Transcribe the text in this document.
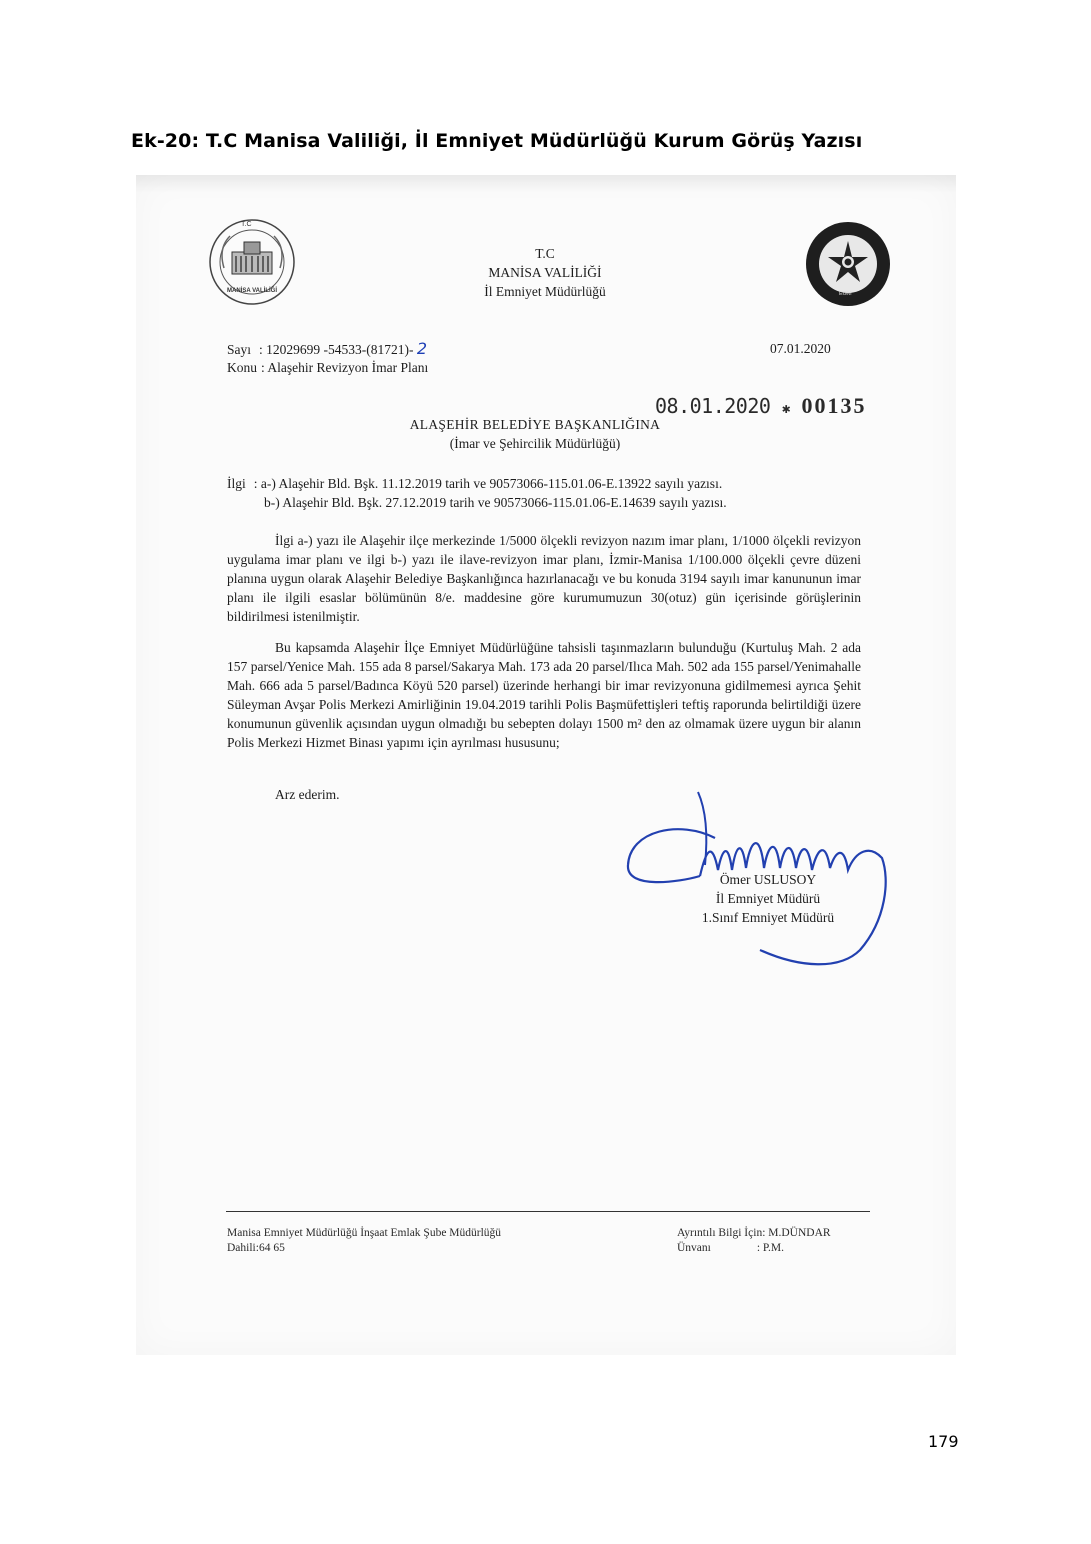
Ek-20: T.C Manisa Valiliği, İl Emniyet Müdürlüğü Kurum Görüş Yazısı
T.C
MANİSA VALİLİĞİ	EGM
T.C
MANİSA VALİLİĞİ
İl Emniyet Müdürlüğü
Sayı : 12029699 -54533-(81721)- 2
Konu : Alaşehir Revizyon İmar Planı
07.01.2020
08.01.2020 ✱ 00135
ALAŞEHİR BELEDİYE BAŞKANLIĞINA
(İmar ve Şehircilik Müdürlüğü)
İlgi : a-) Alaşehir Bld. Bşk. 11.12.2019 tarih ve 90573066-115.01.06-E.13922 sayılı yazısı.
b-) Alaşehir Bld. Bşk. 27.12.2019 tarih ve 90573066-115.01.06-E.14639 sayılı yazısı.
İlgi a-) yazı ile Alaşehir ilçe merkezinde 1/5000 ölçekli revizyon nazım imar planı, 1/1000 ölçekli revizyon uygulama imar planı ve ilgi b-) yazı ile ilave-revizyon imar planı, İzmir-Manisa 1/100.000 ölçekli çevre düzeni planına uygun olarak Alaşehir Belediye Başkanlığınca hazırlanacağı ve bu konuda 3194 sayılı imar kanununun imar planı ile ilgili esaslar bölümünün 8/e. maddesine göre kurumumuzun 30(otuz) gün içerisinde görüşlerinin bildirilmesi istenilmiştir.
Bu kapsamda Alaşehir İlçe Emniyet Müdürlüğüne tahsisli taşınmazların bulunduğu (Kurtuluş Mah. 2 ada 157 parsel/Yenice Mah. 155 ada 8 parsel/Sakarya Mah. 173 ada 20 parsel/Ilıca Mah. 502 ada 155 parsel/Yenimahalle Mah. 666 ada 5 parsel/Badınca Köyü 520 parsel) üzerinde herhangi bir imar revizyonuna gidilmemesi ayrıca Şehit Süleyman Avşar Polis Merkezi Amirliğinin 19.04.2019 tarihli Polis Başmüfettişleri teftiş raporunda belirtildiği üzere konumunun güvenlik açısından uygun olmadığı bu sebepten dolayı 1500 m² den az olmamak üzere uygun bir alanın Polis Merkezi Hizmet Binası yapımı için ayrılması hususunu;
Arz ederim.
Ömer USLUSOY
İl Emniyet Müdürü
1.Sınıf Emniyet Müdürü
Manisa Emniyet Müdürlüğü İnşaat Emlak Şube Müdürlüğü
Dahili:64 65
Ayrıntılı Bilgi İçin: M.DÜNDAR
Ünvanı	: P.M.
179
